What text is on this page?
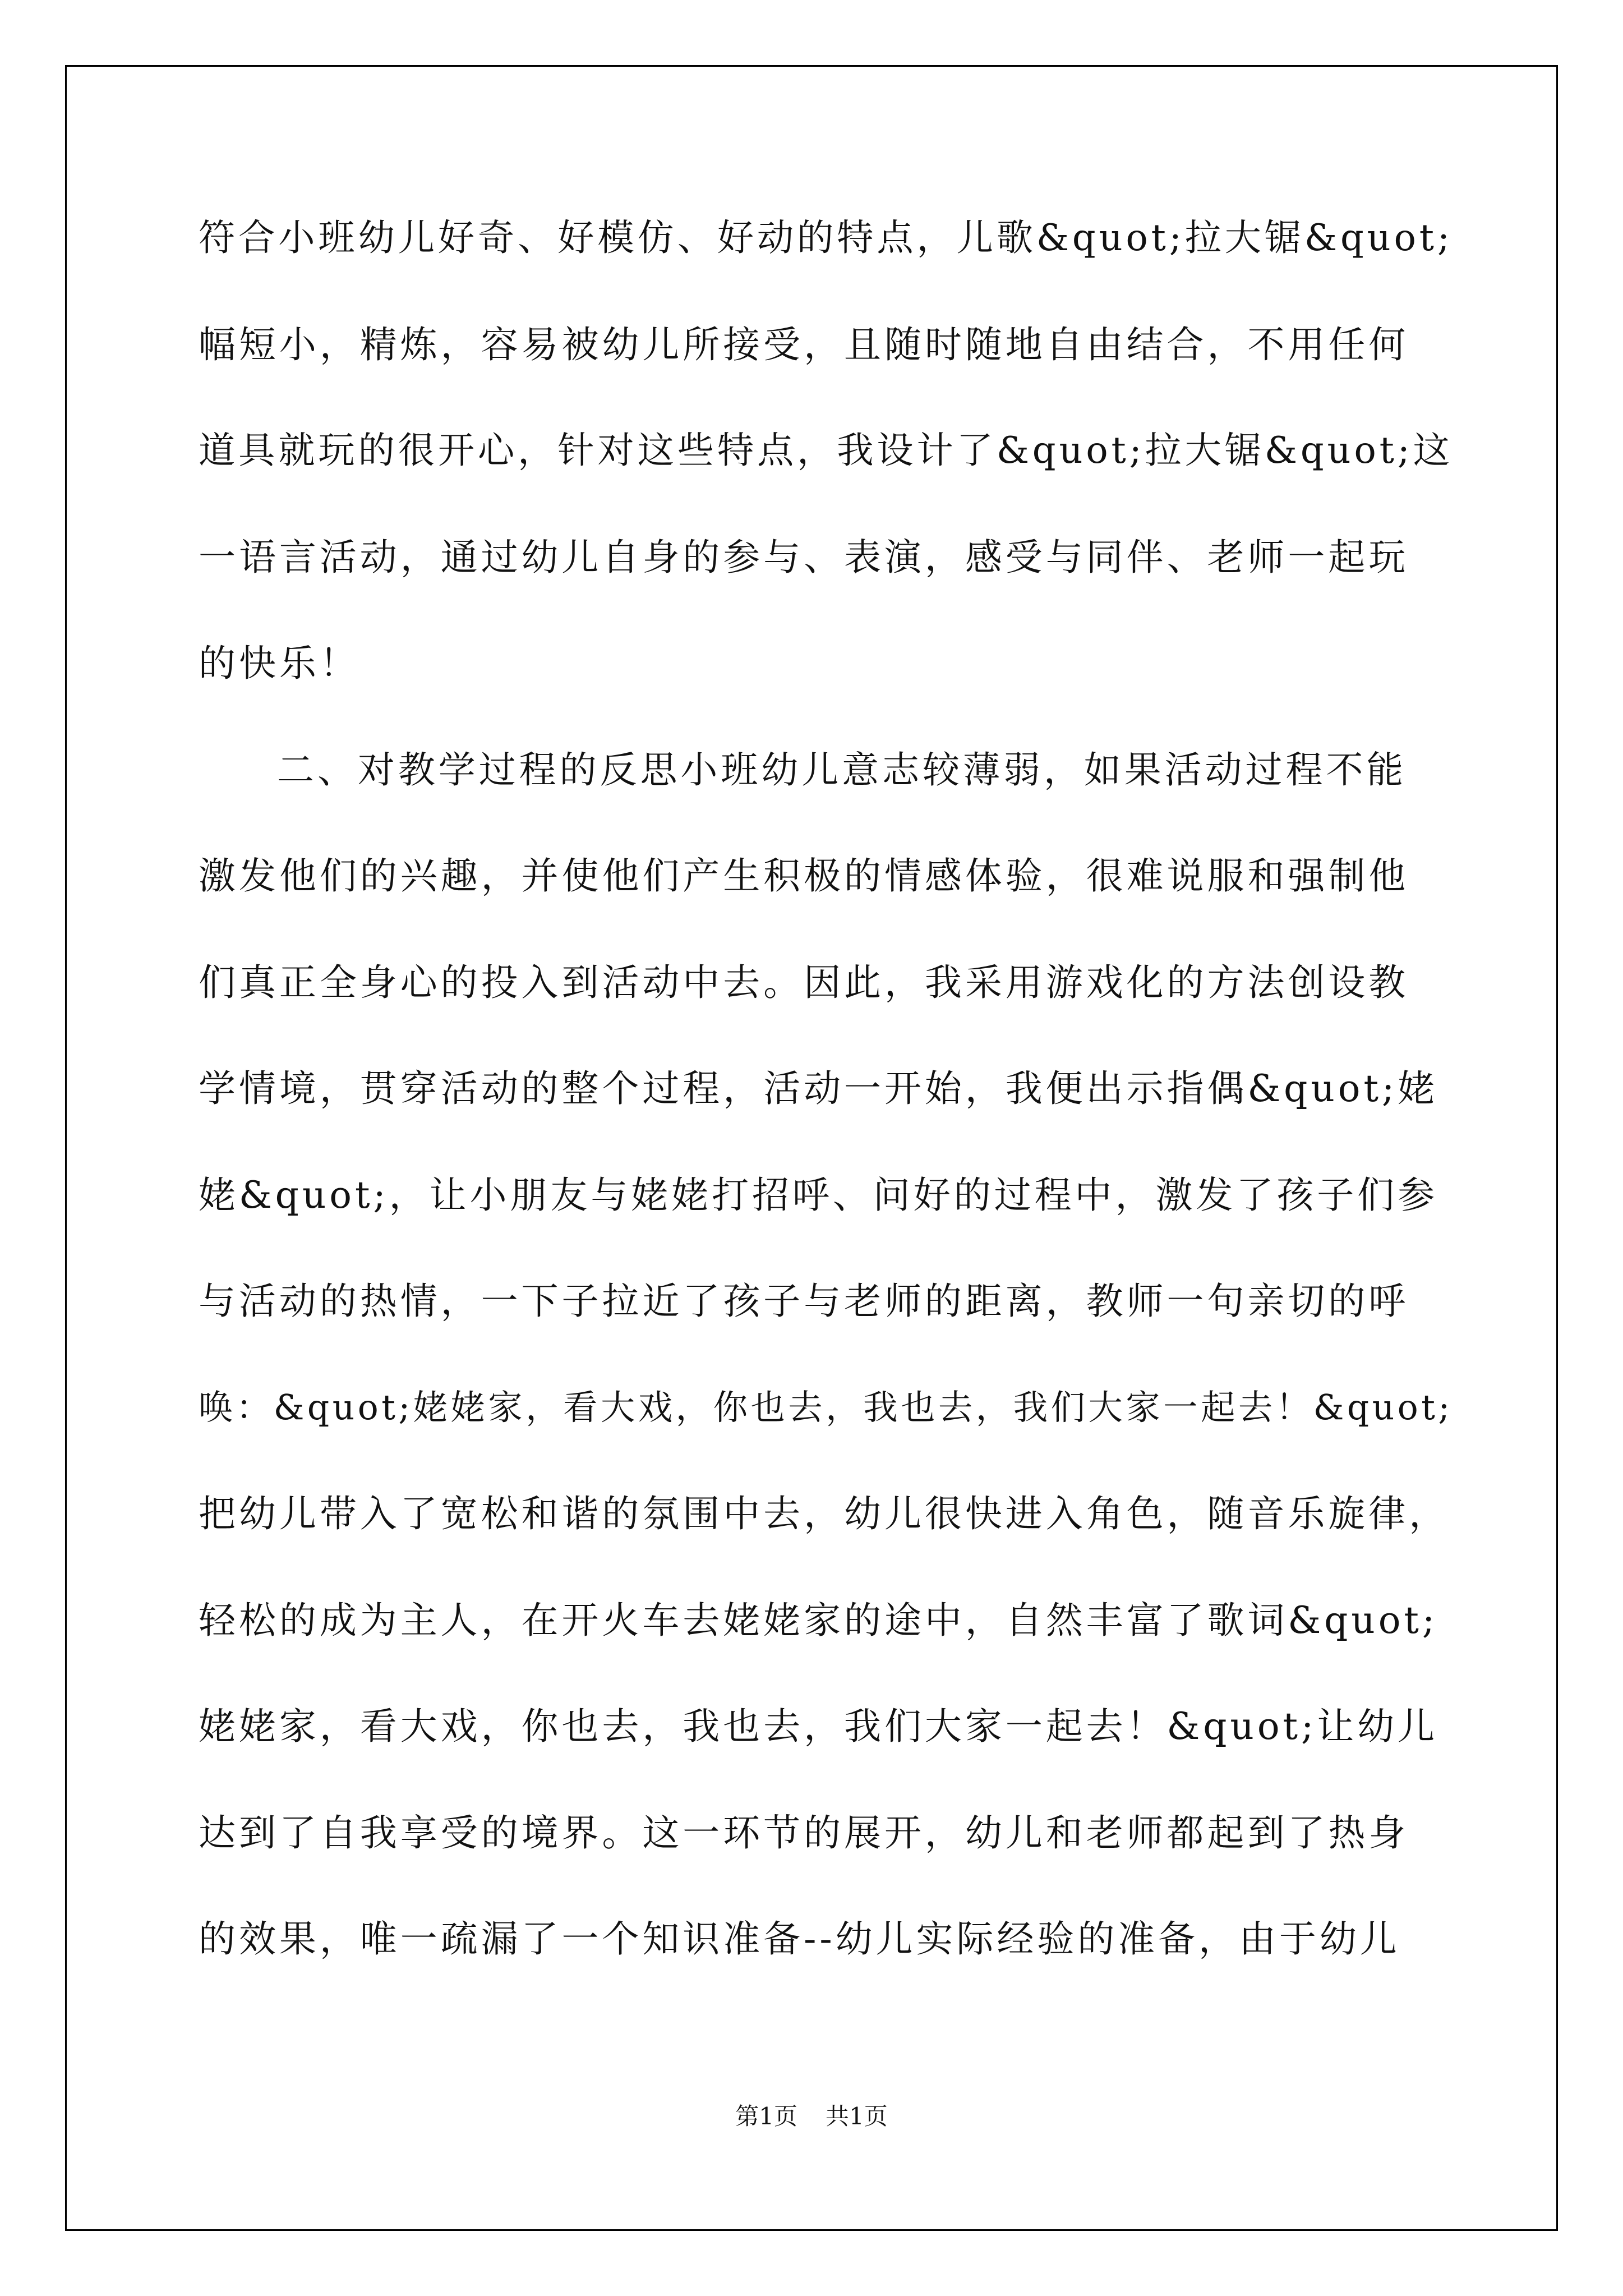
符合小班幼儿好奇、好模仿、好动的特点，儿歌&quot;拉大锯&quot;
幅短小，精炼，容易被幼儿所接受，且随时随地自由结合，不用任何
道具就玩的很开心，针对这些特点，我设计了&quot;拉大锯&quot;这
一语言活动，通过幼儿自身的参与、表演，感受与同伴、老师一起玩
的快乐！
二、对教学过程的反思小班幼儿意志较薄弱，如果活动过程不能
激发他们的兴趣，并使他们产生积极的情感体验，很难说服和强制他
们真正全身心的投入到活动中去。因此，我采用游戏化的方法创设教
学情境，贯穿活动的整个过程，活动一开始，我便出示指偶&quot;姥
姥&quot;，让小朋友与姥姥打招呼、问好的过程中，激发了孩子们参
与活动的热情，一下子拉近了孩子与老师的距离，教师一句亲切的呼
唤：&quot;姥姥家，看大戏，你也去，我也去，我们大家一起去！&quot;
把幼儿带入了宽松和谐的氛围中去，幼儿很快进入角色，随音乐旋律，
轻松的成为主人，在开火车去姥姥家的途中，自然丰富了歌词&quot;
姥姥家，看大戏，你也去，我也去，我们大家一起去！&quot;让幼儿
达到了自我享受的境界。这一环节的展开，幼儿和老师都起到了热身
的效果，唯一疏漏了一个知识准备--幼儿实际经验的准备，由于幼儿
第1页 共1页
